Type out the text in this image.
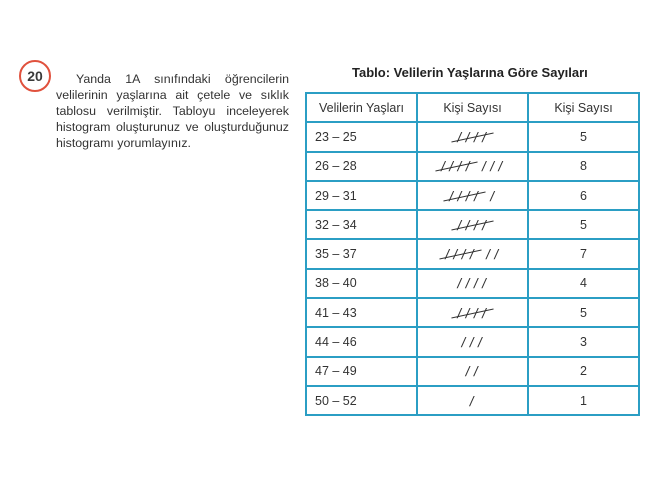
20	Yanda 1A sınıfındaki öğrencilerin velilerinin yaşlarına ait çetele ve sıklık tablosu verilmiştir. Tabloyu inceleyerek histogram oluşturunuz ve oluşturduğunuz histogramı yorumlayınız.

Tablo: Velilerin Yaşlarına Göre Sayıları
Velilerin Yaşları	Kişi Sayısı	Kişi Sayısı
23 – 25	////	5
26 – 28	//// ///	8
29 – 31	//// /	6
32 – 34	////	5
35 – 37	//// //	7
38 – 40	////	4
41 – 43	////	5
44 – 46	///	3
47 – 49	//	2
50 – 52	/	1
